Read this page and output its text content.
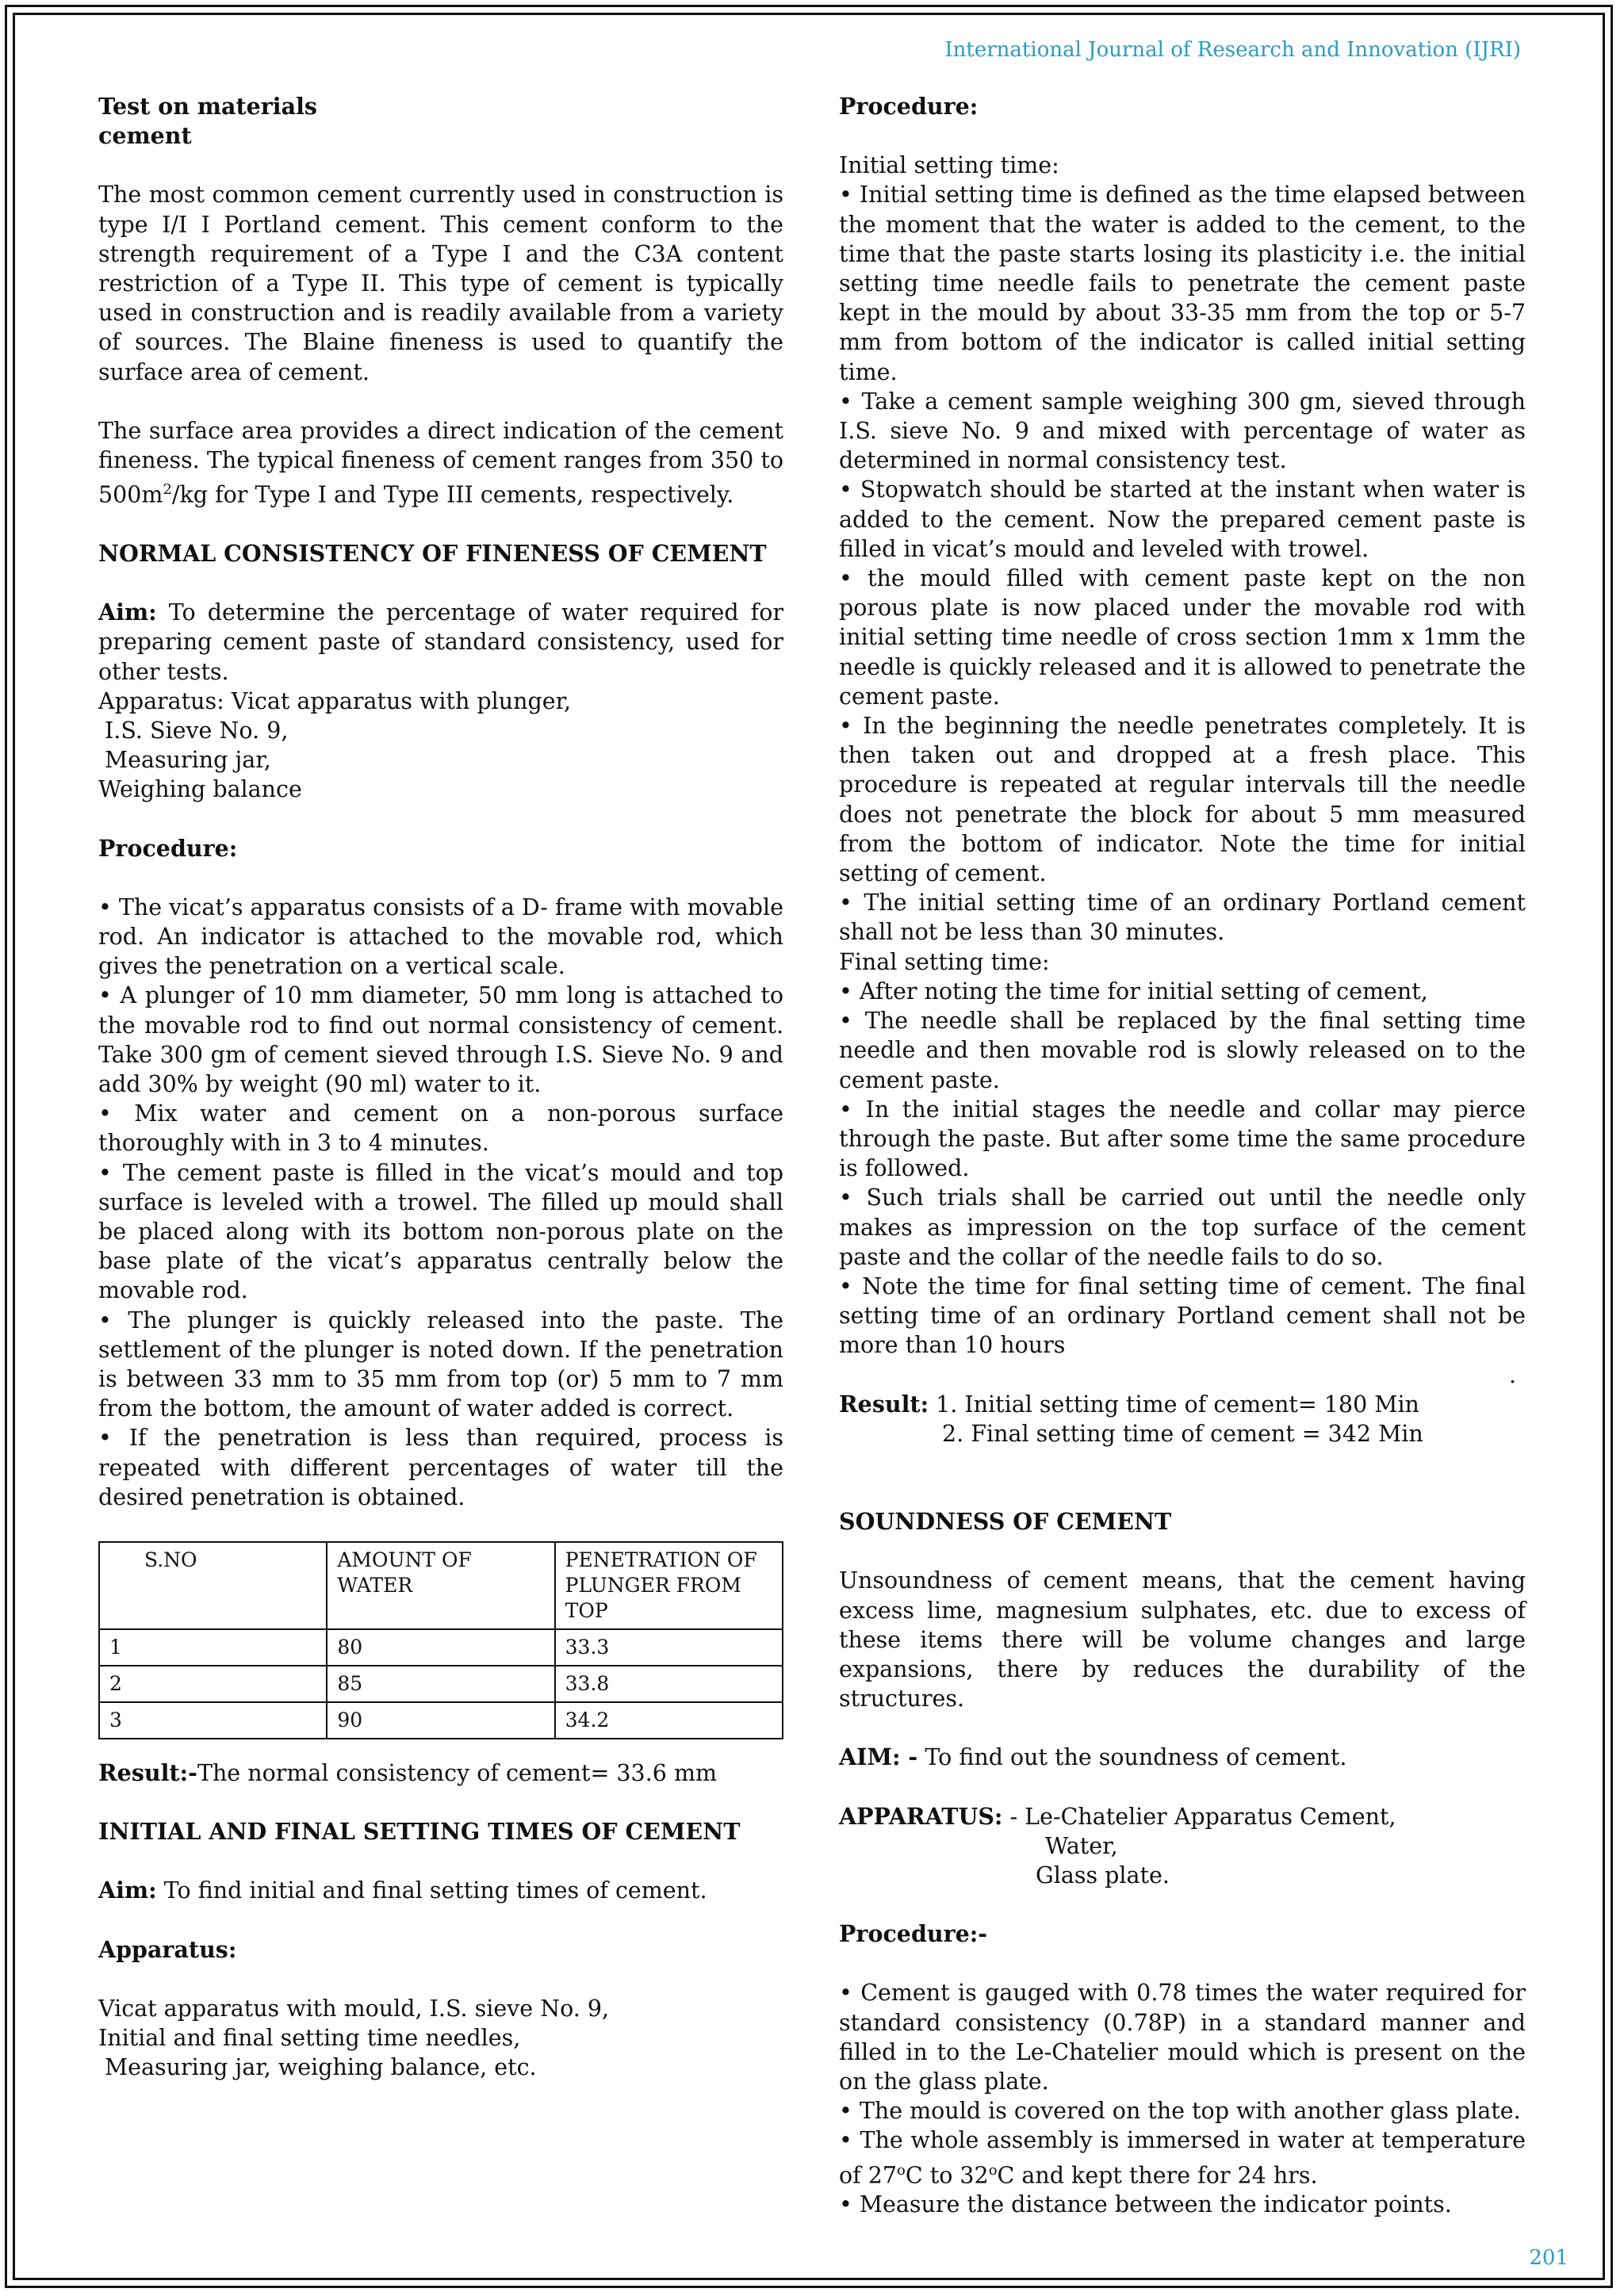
International Journal of Research and Innovation (IJRI)

Test on materials

cement

The most common cement currently used in construction is type I/I I Portland cement. This cement conform to the strength requirement of a Type I and the C3A content restriction of a Type II. This type of cement is typically used in construction and is readily available from a variety of sources. The Blaine fineness is used to quantify the surface area of cement.

The surface area provides a direct indication of the cement fineness. The typical fineness of cement ranges from 350 to $500m^2/kg$ for Type I and Type III cements, respectively.

NORMAL CONSISTENCY OF FINENESS OF CEMENT

Aim: To determine the percentage of water required for preparing cement paste of standard consistency, used for other tests.

Apparatus: Vicat apparatus with plunger,

I.S. Sieve No. 9,

Measuring jar,

Weighing balance

Procedure:

• The vicat’s apparatus consists of a D- frame with movable rod. An indicator is attached to the movable rod, which gives the penetration on a vertical scale.

• A plunger of 10 mm diameter, 50 mm long is attached to the movable rod to find out normal consistency of cement. Take 300 gm of cement sieved through I.S. Sieve No. 9 and add 30% by weight (90 ml) water to it.

• Mix water and cement on a non-porous surface thoroughly with in 3 to 4 minutes.

• The cement paste is filled in the vicat’s mould and top surface is leveled with a trowel. The filled up mould shall be placed along with its bottom non-porous plate on the base plate of the vicat’s apparatus centrally below the movable rod.

• The plunger is quickly released into the paste. The settlement of the plunger is noted down. If the penetration is between 33 mm to 35 mm from top (or) 5 mm to 7 mm from the bottom, the amount of water added is correct.

• If the penetration is less than required, process is repeated with different percentages of water till the desired penetration is obtained.

S.NO	AMOUNT OF WATER	PENETRATION OF PLUNGER FROM TOP
1	80	33.3
2	85	33.8
3	90	34.2

Result:-The normal consistency of cement= 33.6 mm

INITIAL AND FINAL SETTING TIMES OF CEMENT

Aim: To find initial and final setting times of cement.

Apparatus:

Vicat apparatus with mould, I.S. sieve No. 9,

Initial and final setting time needles,

Measuring jar, weighing balance, etc.

Procedure:

Initial setting time:

• Initial setting time is defined as the time elapsed between the moment that the water is added to the cement, to the time that the paste starts losing its plasticity i.e. the initial setting time needle fails to penetrate the cement paste kept in the mould by about 33-35 mm from the top or 5-7 mm from bottom of the indicator is called initial setting time.

• Take a cement sample weighing 300 gm, sieved through I.S. sieve No. 9 and mixed with percentage of water as determined in normal consistency test.

• Stopwatch should be started at the instant when water is added to the cement. Now the prepared cement paste is filled in vicat’s mould and leveled with trowel.

• the mould filled with cement paste kept on the non porous plate is now placed under the movable rod with initial setting time needle of cross section 1mm x 1mm the needle is quickly released and it is allowed to penetrate the cement paste.

• In the beginning the needle penetrates completely. It is then taken out and dropped at a fresh place. This procedure is repeated at regular intervals till the needle does not penetrate the block for about 5 mm measured from the bottom of indicator. Note the time for initial setting of cement.

• The initial setting time of an ordinary Portland cement shall not be less than 30 minutes.

Final setting time:

• After noting the time for initial setting of cement,

• The needle shall be replaced by the final setting time needle and then movable rod is slowly released on to the cement paste.

• In the initial stages the needle and collar may pierce through the paste. But after some time the same procedure is followed.

• Such trials shall be carried out until the needle only makes as impression on the top surface of the cement paste and the collar of the needle fails to do so.

• Note the time for final setting time of cement. The final setting time of an ordinary Portland cement shall not be more than 10 hours

.

Result: 1. Initial setting time of cement= 180 Min

2. Final setting time of cement = 342 Min

SOUNDNESS OF CEMENT

Unsoundness of cement means, that the cement having excess lime, magnesium sulphates, etc. due to excess of these items there will be volume changes and large expansions, there by reduces the durability of the structures.

AIM: - To find out the soundness of cement.

APPARATUS: - Le-Chatelier Apparatus Cement,

Water,

Glass plate.

Procedure:-

• Cement is gauged with 0.78 times the water required for standard consistency (0.78P) in a standard manner and filled in to the Le-Chatelier mould which is present on the on the glass plate.

• The mould is covered on the top with another glass plate.

• The whole assembly is immersed in water at temperature of 27$^o$C to 32$^o$C and kept there for 24 hrs.

• Measure the distance between the indicator points.

201
